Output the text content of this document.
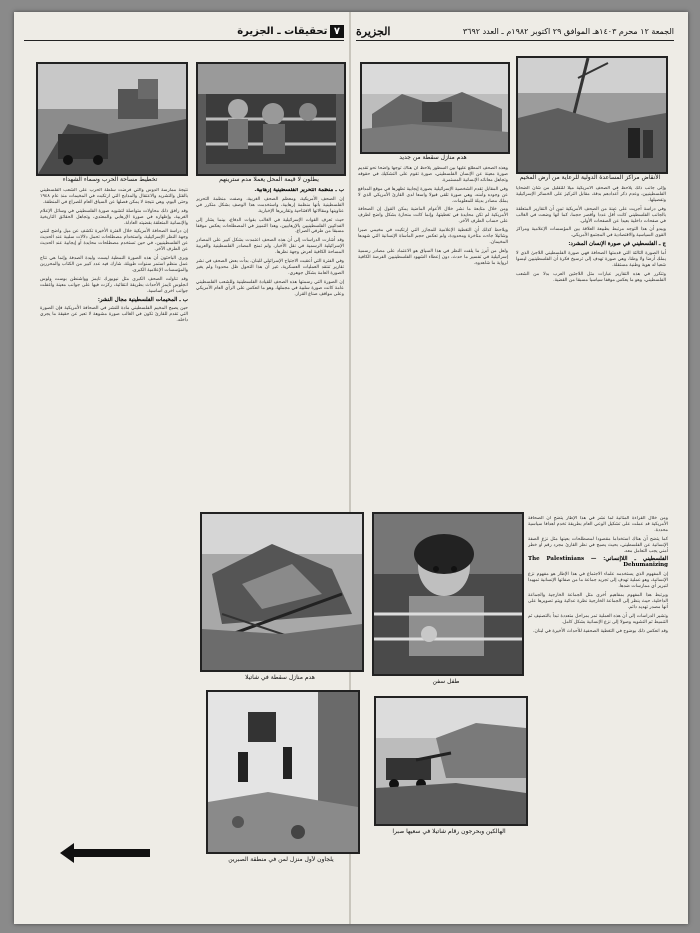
٧ تحقيقات ـ الجزيرة	الجمعة ١٢ محرم ١٤٠٣هـ الموافق ٢٩ اكتوبر ١٩٨٢م ـ العدد ٣٦٩٢
الجزيرة
تخطيط مساحة الحرب وسماء الشهداء	يطلون لا قيمة المحل يعملا مدم سترينهم
هدم منازل سقطة من جديد
الأنقاض مراكز المساعدة الدولية للرعاية من أرض المخيم

نتيجة ممارسة الدوس والتي فرضت سلطة الحرب على الشعب الفلسطيني بالقتل والتشريد والاعتقال والمذابح التي ارتكبت في المخيمات منذ عام ١٩٤٨ وحتى اليوم، وهي نتيجة لا يمكن فصلها عن السياق العام للصراع في المنطقة.

وقد رافق ذلك محاولات متواصلة لتشويه صورة الفلسطيني في وسائل الإعلام الغربية، وإظهاره في صورة الإرهابي والمعتدي، وتجاهل الحقائق التاريخية والإنسانية المتعلقة بقضيته العادلة.

إن دراسة الصحافة الأمريكية خلال الفترة الأخيرة تكشف عن ميل واضح لتبني وجهة النظر الإسرائيلية، واستخدام مصطلحات تحمل دلالات سلبية عند الحديث عن الفلسطينيين، في حين تستخدم مصطلحات محايدة أو إيجابية عند الحديث عن الطرف الآخر.

ويرى الباحثون أن هذه الصورة النمطية ليست وليدة الصدفة وإنما هي نتاج عمل منظم استمر سنوات طويلة، شارك فيه عدد كبير من الكتاب والمحررين والمؤسسات الإعلامية الكبرى.

وقد تناولت الصحف الكبرى مثل نيويورك تايمز وواشنطن بوست ولوس انجلوس تايمز الأحداث بطريقة انتقائية، ركزت فيها على جوانب معينة وأغفلت جوانب أخرى أساسية.

ب ـ المخيمات الفلسطينية مجال النشر:

حين يصبح المخيم الفلسطيني مادة للنشر في الصحافة الأمريكية فإن الصورة التي تقدم للقارئ تكون في الغالب صورة مشوهة لا تعبر عن حقيقة ما يجري داخله.

ب ـ منظمة التحرير الفلسطينية إرهابية.

إن الصحف الأمريكية، ومعظم الصحف الغربية، وصفت منظمة التحرير الفلسطينية بأنها منظمة إرهابية، واستخدمت هذا الوصف بشكل متكرر في عناوينها ومقالاتها الافتتاحية وتقاريرها الإخبارية.

حيث تعرف القوات الإسرائيلية في الغالب بقوات الدفاع، بينما يشار إلى الفدائيين الفلسطينيين بالإرهابيين، وهذا التمييز في المصطلحات يعكس موقفا مسبقا من طرفي الصراع.

وقد أشارت الدراسات إلى أن هذه الصحف اعتمدت بشكل كبير على المصادر الإسرائيلية الرسمية في نقل الأخبار، ولم تمنح المصادر الفلسطينية والعربية المساحة الكافية لعرض وجهة نظرها.

وفي الفترة التي أعقبت الاجتياح الإسرائيلي للبنان، بدأت بعض الصحف في نشر تقارير تنتقد العمليات العسكرية، غير أن هذا التحول ظل محدودا ولم يغير الصورة العامة بشكل جوهري.

إن الصورة التي رسمتها هذه الصحف للقيادة الفلسطينية وللشعب الفلسطيني عامة كانت صورة سلبية في مجملها، وهو ما انعكس على الرأي العام الأمريكي وعلى مواقف صناع القرار.

وهذه الصحف المطلع عليها بين السطور يلاحظ أن هناك توجها واضحا نحو تقديم صورة معينة عن الإنسان الفلسطيني، صورة تقوم على التشكيك في حقوقه وتجاهل معاناته الإنسانية المستمرة.

وفي المقابل تقدم الشخصية الإسرائيلية بصورة إيجابية تظهرها في موقع المدافع عن وجوده وأمنه، وهي صورة تلقى قبولا واسعا لدى القارئ الأمريكي الذي لا يملك مصادر بديلة للمعلومات.

ومن خلال متابعة ما نشر خلال الأعوام الماضية يمكن القول إن الصحافة الأمريكية لم تكن محايدة في تغطيتها، وإنما كانت منحازة بشكل واضح لطرف على حساب الطرف الآخر.

ويلاحظ كذلك أن التغطية الإعلامية للمجازر التي ارتكبت في مخيمي صبرا وشاتيلا جاءت متأخرة ومحدودة، ولم تعكس حجم المأساة الإنسانية التي شهدها المخيمان.

ولعل من أبرز ما يلفت النظر في هذا السياق هو الاعتماد على مصادر رسمية إسرائيلية في تفسير ما حدث، دون إعطاء الشهود الفلسطينيين الفرصة الكافية لرواية ما شاهدوه.

وإلى جانب ذلك يلاحظ في الصحف الأمريكية ميلا للتقليل من شأن الضحايا الفلسطينيين، وعدم ذكر أعدادهم بدقة، مقابل التركيز على الخسائر الإسرائيلية وتفصيلها.

وفي دراسة أجريت على عينة من الصحف الأمريكية تبين أن التقارير المتعلقة بالجانب الفلسطيني كانت أقل عددا وأقصر حجما، كما أنها وضعت في الغالب في صفحات داخلية بعيدا عن الصفحات الأولى.

ويبدو أن هذا التوجه مرتبط بطبيعة العلاقة بين المؤسسات الإعلامية ومراكز القوى السياسية والاقتصادية في المجتمع الأمريكي.

ج ـ الفلسطيني في صورة الإنسان المشرد:

أما الصورة الثالثة التي قدمتها الصحافة فهي صورة الفلسطيني اللاجئ الذي لا يملك أرضا ولا وطنا، وهي صورة تهدف إلى ترسيخ فكرة أن الفلسطينيين ليسوا شعبا له هوية وطنية مستقلة.

وتتكرر في هذه التقارير عبارات مثل اللاجئين العرب بدلا من الشعب الفلسطيني، وهو ما يعكس موقفا سياسيا مسبقا من القضية.

ومن خلال القراءة المتأنية لما نشر في هذا الإطار يتضح أن الصحافة الأمريكية قد عملت على تشكيل الوعي العام بطريقة تخدم أهدافا سياسية محددة.

كما يتضح أن هناك استخداما مقصودا لمصطلحات بعينها مثل نزع الصفة الإنسانية عن الفلسطيني، بحيث يصبح في نظر القارئ مجرد رقم أو خطر أمني يجب التعامل معه.

الفلسطيني ـ اللاإنساني: The Palestinians — Dehumanizing

إن المفهوم الذي يستخدمه علماء الاجتماع في هذا الإطار هو مفهوم نزع الإنسانية، وهو عملية تهدف إلى تجريد جماعة ما من صفاتها الإنسانية تمهيدا لتبرير أي ممارسات ضدها.

ويرتبط هذا المفهوم بمفاهيم أخرى مثل الجماعة الخارجية والجماعة الداخلية، حيث ينظر إلى الجماعة الخارجية نظرة عدائية ويتم تصويرها على أنها مصدر تهديد دائم.

وتشير الدراسات إلى أن هذه العملية تمر بمراحل متعددة تبدأ بالتصنيف ثم التنميط ثم التشويه وصولا إلى نزع الإنسانية بشكل كامل.

وقد انعكس ذلك بوضوح في التغطية الصحفية للأحداث الأخيرة في لبنان.

هدم منازل سقطة في شاتيلا
طفل سفن
يلجأون لأول منزل لمن في منطقة الصبرين
الهالكين وبحرجون رقام شاتيلا في سعيها صبرا
